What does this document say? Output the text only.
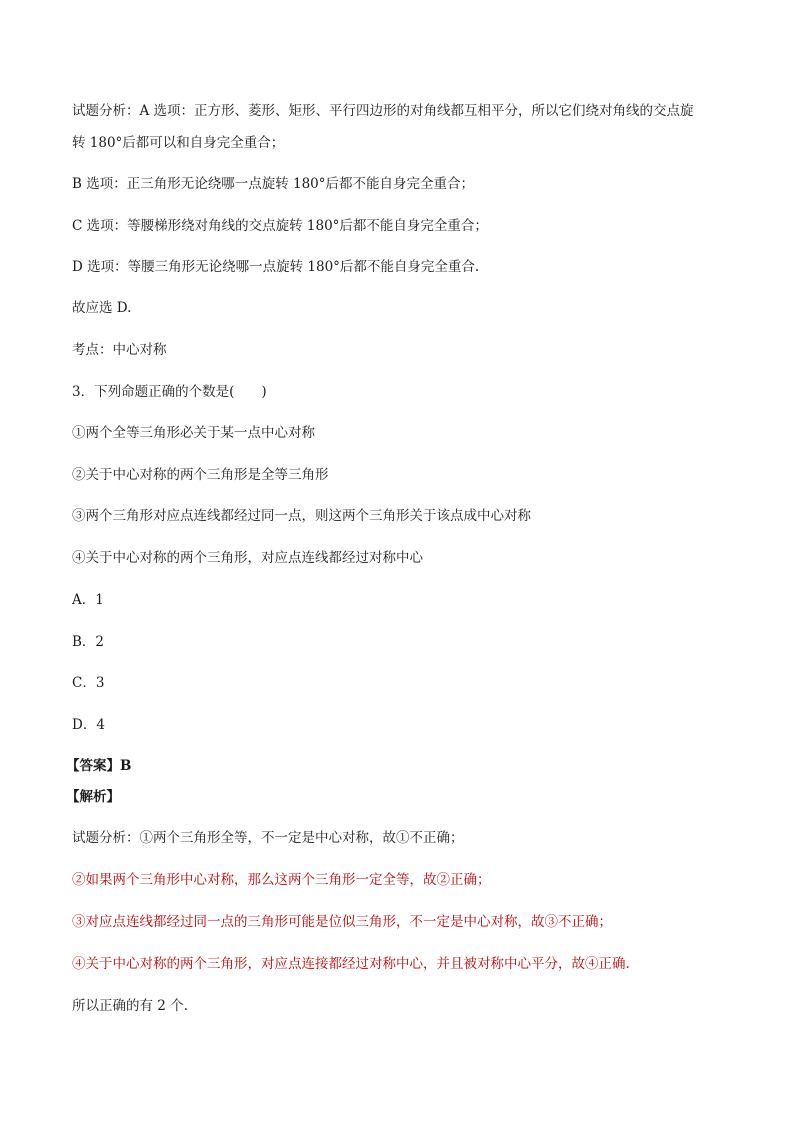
试题分析：A 选项：正方形、菱形、矩形、平行四边形的对角线都互相平分，所以它们绕对角线的交点旋
转 180°后都可以和自身完全重合；
B 选项：正三角形无论绕哪一点旋转 180°后都不能自身完全重合；
C 选项：等腰梯形绕对角线的交点旋转 180°后都不能自身完全重合；
D 选项：等腰三角形无论绕哪一点旋转 180°后都不能自身完全重合.
故应选 D.
考点：中心对称
3．下列命题正确的个数是(　　)
①两个全等三角形必关于某一点中心对称
②关于中心对称的两个三角形是全等三角形
③两个三角形对应点连线都经过同一点，则这两个三角形关于该点成中心对称
④关于中心对称的两个三角形，对应点连线都经过对称中心
A．1
B．2
C．3
D．4
【答案】B
【解析】
试题分析：①两个三角形全等，不一定是中心对称，故①不正确；
②如果两个三角形中心对称，那么这两个三角形一定全等，故②正确；
③对应点连线都经过同一点的三角形可能是位似三角形，不一定是中心对称，故③不正确；
④关于中心对称的两个三角形，对应点连接都经过对称中心，并且被对称中心平分，故④正确.
所以正确的有 2 个.
